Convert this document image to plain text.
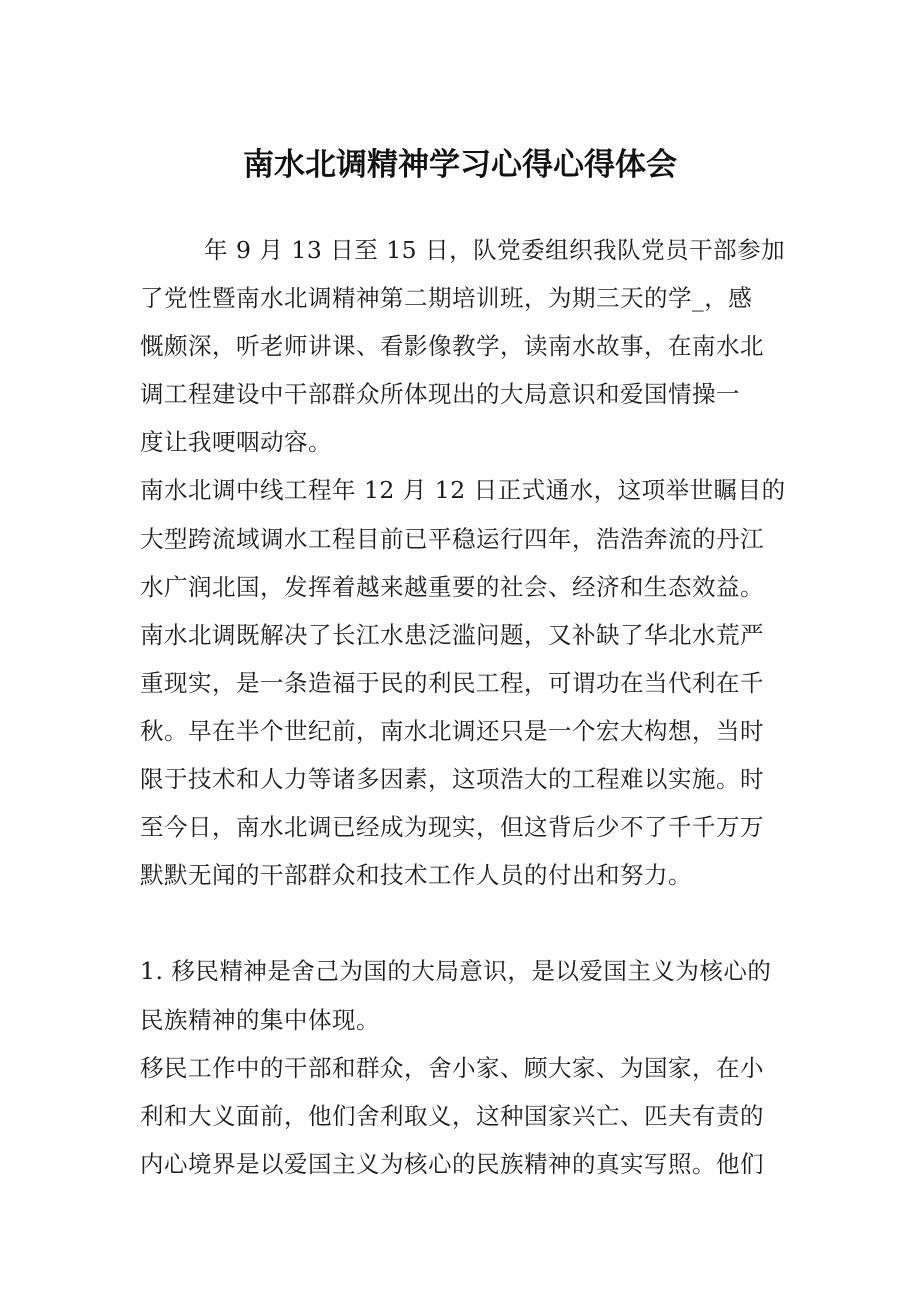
南水北调精神学习心得心得体会
年 9 月 13 日至 15 日，队党委组织我队党员干部参加
了党性暨南水北调精神第二期培训班，为期三天的学_，感
慨颇深，听老师讲课、看影像教学，读南水故事，在南水北
调工程建设中干部群众所体现出的大局意识和爱国情操一
度让我哽咽动容。
南水北调中线工程年 12 月 12 日正式通水，这项举世瞩目的
大型跨流域调水工程目前已平稳运行四年，浩浩奔流的丹江
水广润北国，发挥着越来越重要的社会、经济和生态效益。
南水北调既解决了长江水患泛滥问题，又补缺了华北水荒严
重现实，是一条造福于民的利民工程，可谓功在当代利在千
秋。早在半个世纪前，南水北调还只是一个宏大构想，当时
限于技术和人力等诸多因素，这项浩大的工程难以实施。时
至今日，南水北调已经成为现实，但这背后少不了千千万万
默默无闻的干部群众和技术工作人员的付出和努力。
1. 移民精神是舍己为国的大局意识，是以爱国主义为核心的
民族精神的集中体现。
移民工作中的干部和群众，舍小家、顾大家、为国家，在小
利和大义面前，他们舍利取义，这种国家兴亡、匹夫有责的
内心境界是以爱国主义为核心的民族精神的真实写照。他们
